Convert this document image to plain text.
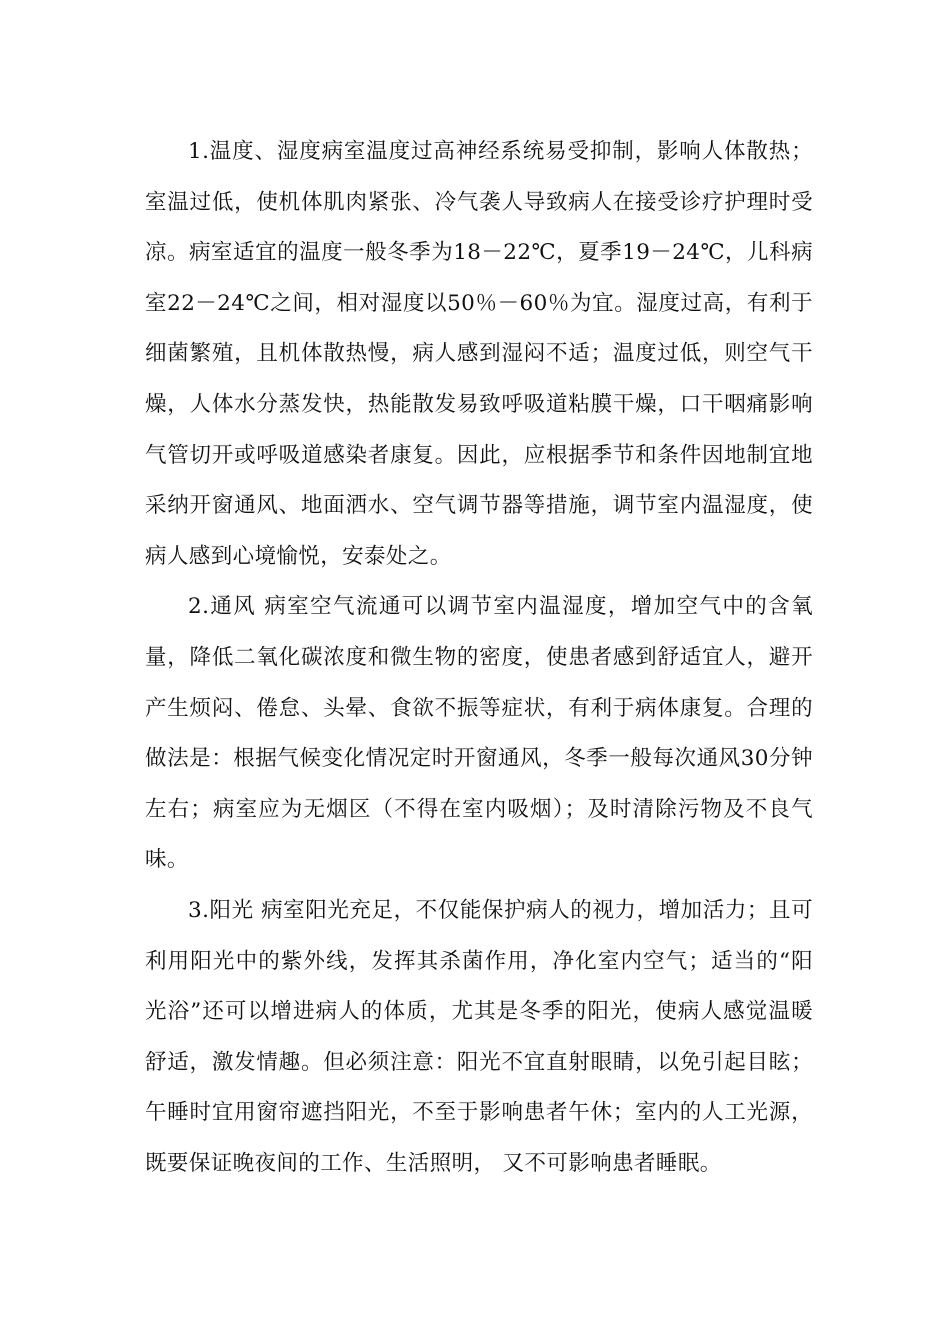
1.温度、湿度病室温度过高神经系统易受抑制，影响人体散热；室温过低，使机体肌肉紧张、冷气袭人导致病人在接受诊疗护理时受凉。病室适宜的温度一般冬季为18－22℃，夏季19－24℃，儿科病室22－24℃之间，相对湿度以50％－60％为宜。湿度过高，有利于细菌繁殖，且机体散热慢，病人感到湿闷不适；温度过低，则空气干燥，人体水分蒸发快，热能散发易致呼吸道粘膜干燥，口干咽痛影响气管切开或呼吸道感染者康复。因此，应根据季节和条件因地制宜地采纳开窗通风、地面洒水、空气调节器等措施，调节室内温湿度，使病人感到心境愉悦，安泰处之。

2.通风 病室空气流通可以调节室内温湿度，增加空气中的含氧量，降低二氧化碳浓度和微生物的密度，使患者感到舒适宜人，避开产生烦闷、倦怠、头晕、食欲不振等症状，有利于病体康复。合理的做法是：根据气候变化情况定时开窗通风，冬季一般每次通风30分钟左右；病室应为无烟区（不得在室内吸烟）；及时清除污物及不良气味。

3.阳光 病室阳光充足，不仅能保护病人的视力，增加活力；且可利用阳光中的紫外线，发挥其杀菌作用，净化室内空气；适当的“阳光浴”还可以增进病人的体质，尤其是冬季的阳光，使病人感觉温暖舒适，激发情趣。但必须注意：阳光不宜直射眼睛，以免引起目眩；午睡时宜用窗帘遮挡阳光，不至于影响患者午休；室内的人工光源，既要保证晚夜间的工作、生活照明， 又不可影响患者睡眠。
